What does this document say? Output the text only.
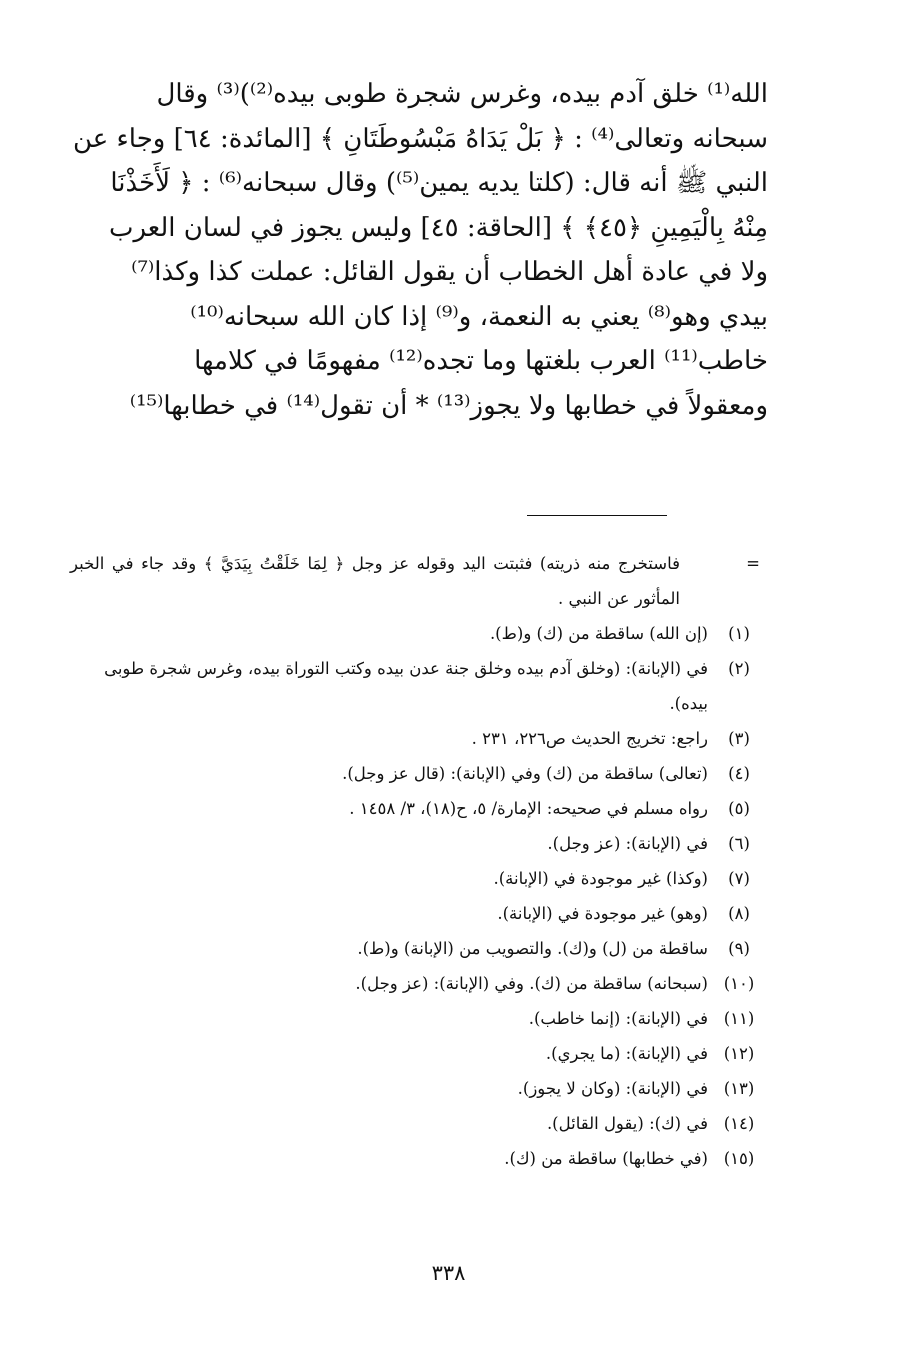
الله⁽¹⁾ خلق آدم بيده، وغرس شجرة طوبى بيده⁽²⁾)⁽³⁾ وقال
سبحانه وتعالى⁽⁴⁾ : ﴿ بَلْ يَدَاهُ مَبْسُوطَتَانِ ﴾ [المائدة: ٦٤] وجاء عن
النبي ﷺ أنه قال: (كلتا يديه يمين⁽⁵⁾) وقال سبحانه⁽⁶⁾ : ﴿ لَأَخَذْنَا
مِنْهُ بِالْيَمِينِ ﴿٤٥﴾ ﴾ [الحاقة: ٤٥] وليس يجوز في لسان العرب
ولا في عادة أهل الخطاب أن يقول القائل: عملت كذا وكذا⁽⁷⁾
بيدي وهو⁽⁸⁾ يعني به النعمة، و⁽⁹⁾ إذا كان الله سبحانه⁽¹⁰⁾
خاطب⁽¹¹⁾ العرب بلغتها وما تجده⁽¹²⁾ مفهومًا في كلامها
ومعقولاً في خطابها ولا يجوز⁽¹³⁾ * أن تقول⁽¹⁴⁾ في خطابها⁽¹⁵⁾
=
فاستخرج منه ذريته) فثبتت اليد وقوله عز وجل ﴿ لِمَا خَلَقْتُ بِيَدَيَّ ﴾ وقد جاء في الخبر المأثور عن النبي .
(١)
(إن الله) ساقطة من (ك) و(ط).
(٢)
في (الإبانة): (وخلق آدم بيده وخلق جنة عدن بيده وكتب التوراة بيده، وغرس شجرة طوبى بيده).
(٣)
راجع: تخريج الحديث ص٢٢٦، ٢٣١ .
(٤)
(تعالى) ساقطة من (ك) وفي (الإبانة): (قال عز وجل).
(٥)
رواه مسلم في صحيحه: الإمارة/ ٥، ح(١٨)، ٣/ ١٤٥٨ .
(٦)
في (الإبانة): (عز وجل).
(٧)
(وكذا) غير موجودة في (الإبانة).
(٨)
(وهو) غير موجودة في (الإبانة).
(٩)
ساقطة من (ل) و(ك). والتصويب من (الإبانة) و(ط).
(١٠)
(سبحانه) ساقطة من (ك). وفي (الإبانة): (عز وجل).
(١١)
في (الإبانة): (إنما خاطب).
(١٢)
في (الإبانة): (ما يجري).
(١٣)
في (الإبانة): (وكان لا يجوز).
(١٤)
في (ك): (يقول القائل).
(١٥)
(في خطابها) ساقطة من (ك).
٣٣٨
